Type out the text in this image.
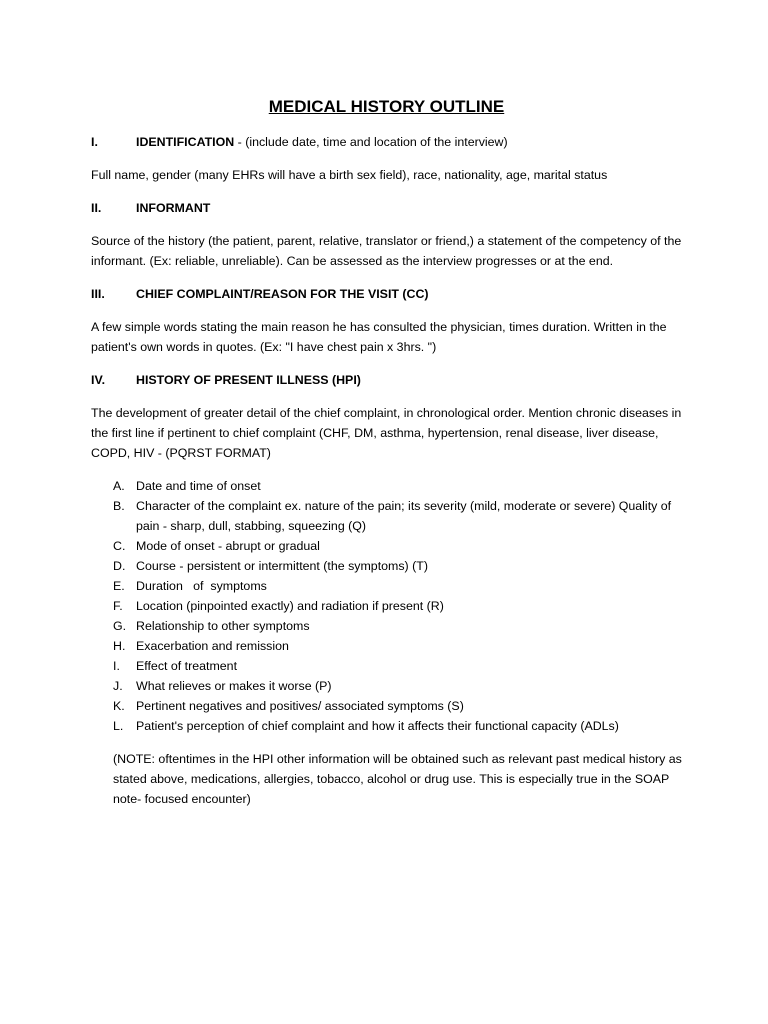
MEDICAL HISTORY OUTLINE
I.	IDENTIFICATION - (include date, time and location of the interview)

Full name, gender (many EHRs will have a birth sex field), race, nationality, age, marital status

II.	INFORMANT

Source of the history (the patient, parent, relative, translator or friend,) a statement of the competency of the informant. (Ex: reliable, unreliable). Can be assessed as the interview progresses or at the end.

III.	CHIEF COMPLAINT/REASON FOR THE VISIT (CC)

A few simple words stating the main reason he has consulted the physician, times duration. Written in the patient's own words in quotes. (Ex: "I have chest pain x 3hrs. ")

IV.	HISTORY OF PRESENT ILLNESS (HPI)

The development of greater detail of the chief complaint, in chronological order. Mention chronic diseases in the first line if pertinent to chief complaint (CHF, DM, asthma, hypertension, renal disease, liver disease, COPD, HIV - (PQRST FORMAT)

A. Date and time of onset
B. Character of the complaint ex. nature of the pain; its severity (mild, moderate or severe) Quality of pain - sharp, dull, stabbing, squeezing (Q)
C. Mode of onset - abrupt or gradual
D. Course - persistent or intermittent (the symptoms) (T)
E. Duration   of  symptoms
F.	Location (pinpointed exactly) and radiation if present (R)
G. Relationship to other symptoms
H. Exacerbation and remission
I.	Effect of treatment
J.	What relieves or makes it worse (P)
K. Pertinent negatives and positives/ associated symptoms (S)
L.	Patient's perception of chief complaint and how it affects their functional capacity (ADLs)

(NOTE: oftentimes in the HPI other information will be obtained such as relevant past medical history as stated above, medications, allergies, tobacco, alcohol or drug use. This is especially true in the SOAP note- focused encounter)
